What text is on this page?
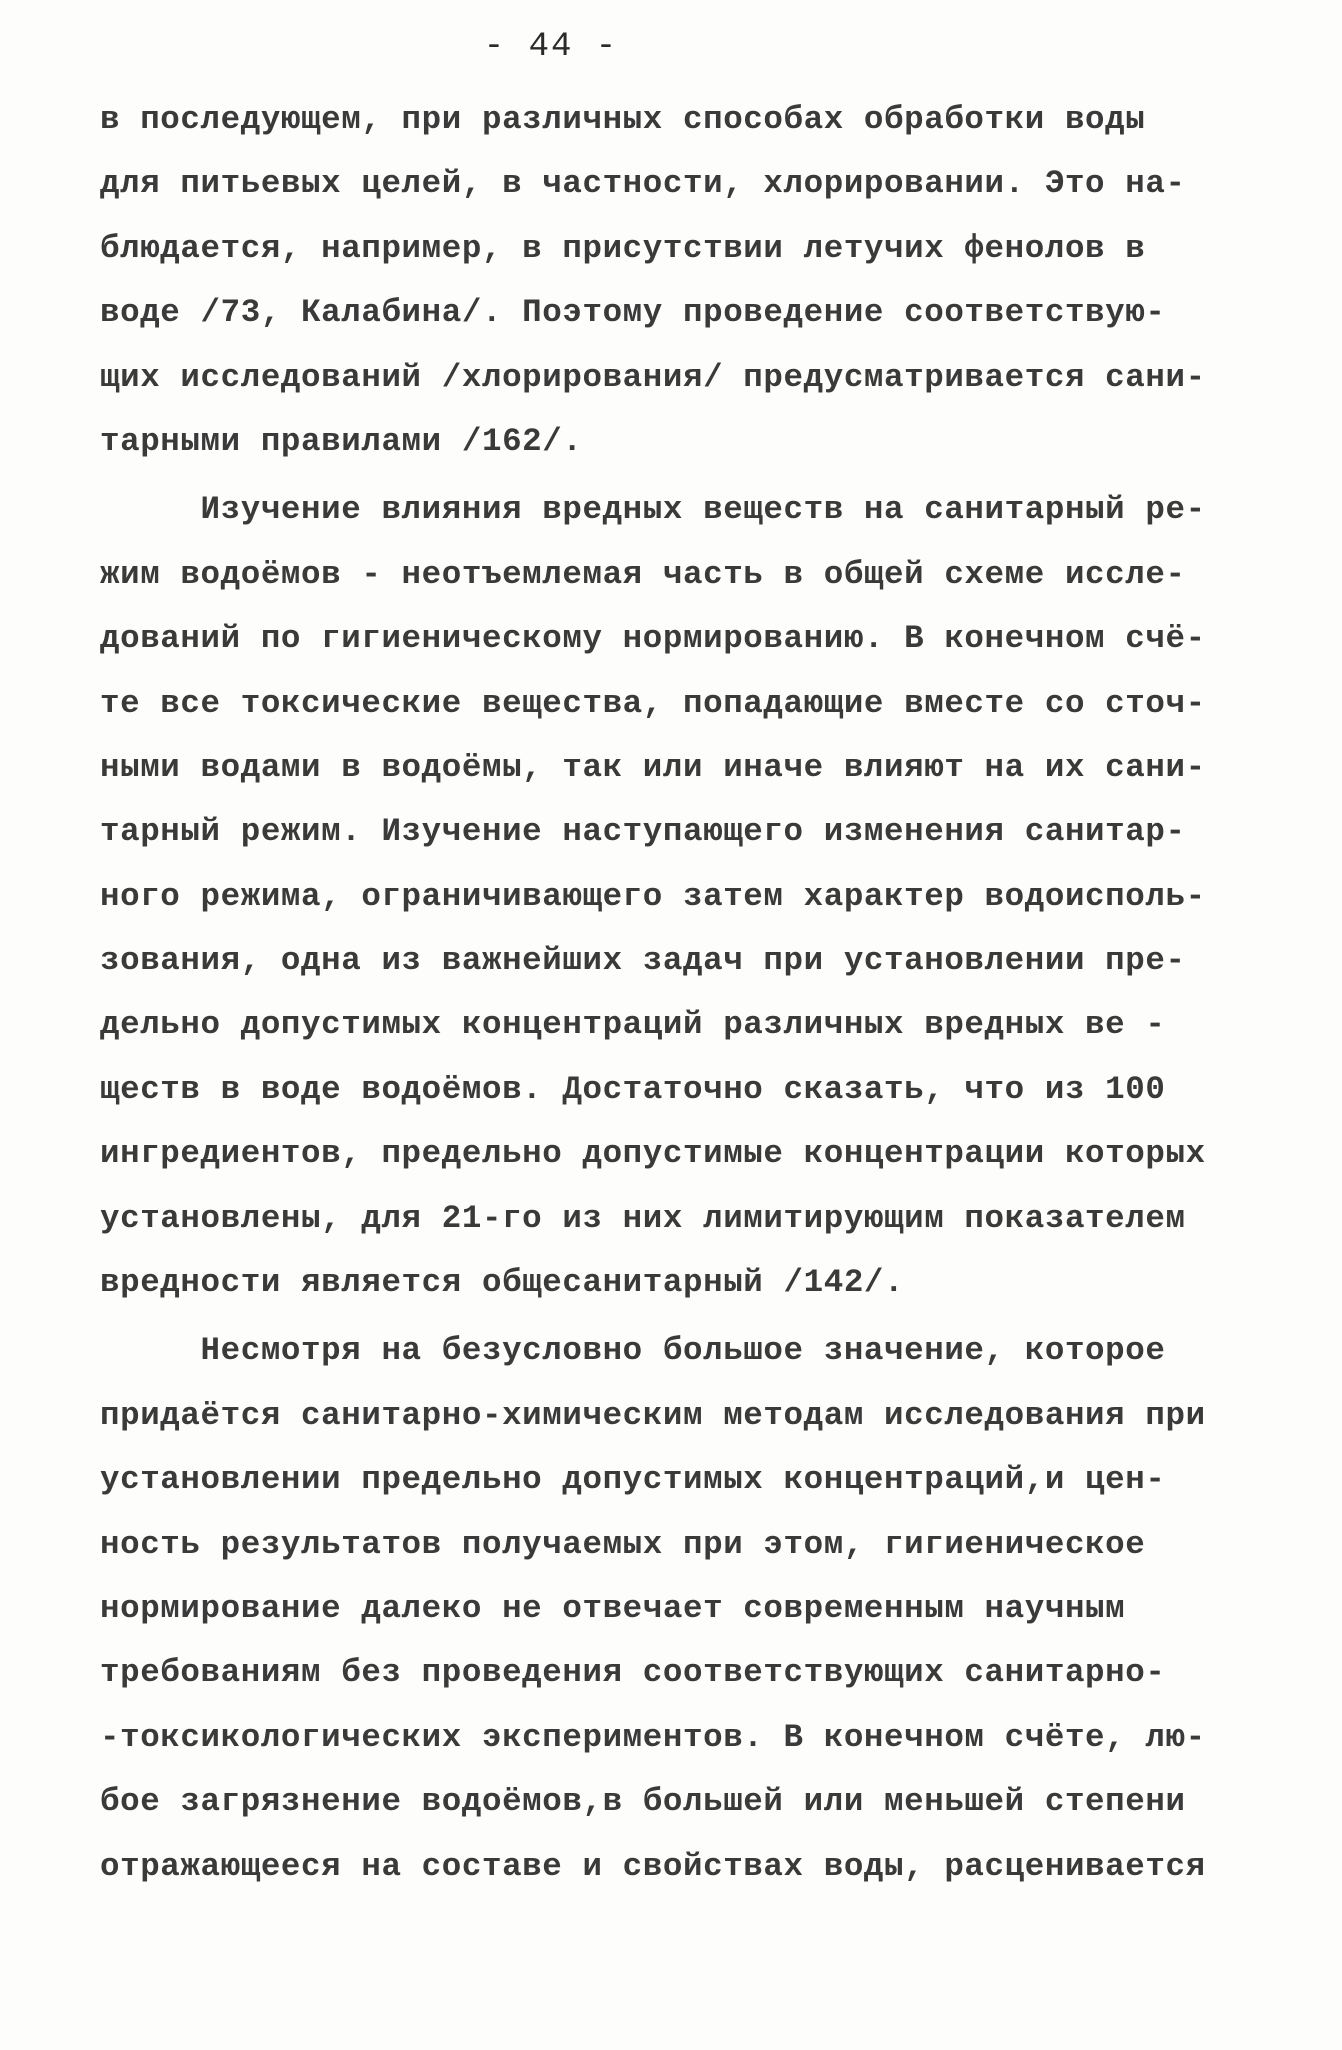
- 44 -
в последующем, при различных способах обработки воды
для питьевых целей, в частности, хлорировании. Это на-
блюдается, например, в присутствии летучих фенолов в
воде /73, Калабина/. Поэтому проведение соответствую-
щих исследований /хлорирования/ предусматривается сани-
тарными правилами /162/.
Изучение влияния вредных веществ на санитарный ре-
жим водоёмов - неотъемлемая часть в общей схеме иссле-
дований по гигиеническому нормированию. В конечном счё-
те все токсические вещества, попадающие вместе со сточ-
ными водами в водоёмы, так или иначе влияют на их сани-
тарный режим. Изучение наступающего изменения санитар-
ного режима, ограничивающего затем характер водоисполь-
зования, одна из важнейших задач при установлении пре-
дельно допустимых концентраций различных вредных ве -
ществ в воде водоёмов. Достаточно сказать, что из 100
ингредиентов, предельно допустимые концентрации которых
установлены, для 21-го из них лимитирующим показателем
вредности является общесанитарный /142/.
Несмотря на безусловно большое значение, которое
придаётся санитарно-химическим методам исследования при
установлении предельно допустимых концентраций,и цен-
ность результатов получаемых при этом, гигиеническое
нормирование далеко не отвечает современным научным
требованиям без проведения соответствующих санитарно-
-токсикологических экспериментов. В конечном счёте, лю-
бое загрязнение водоёмов,в большей или меньшей степени
отражающееся на составе и свойствах воды, расценивается
